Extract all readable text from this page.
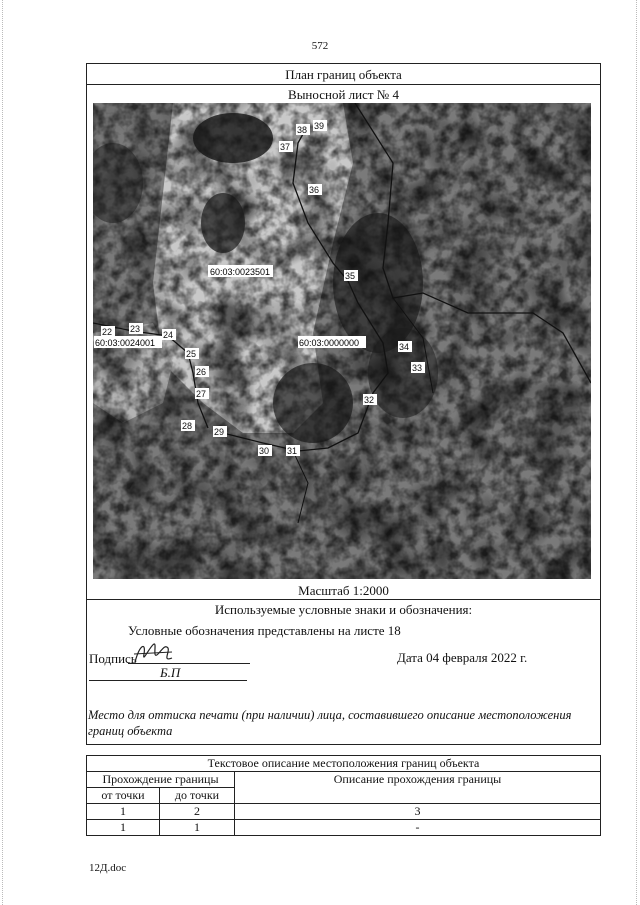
572
План границ объекта
Выносной лист № 4
60:03:0023501
60:03:0024001	60:03:0000000
22 23
24
25
26
27
28
29
30 31
32
33
34
35
36
37
38 39
Масштаб 1:2000
Используемые условные знаки и обозначения:
Условные обозначения представлены на листе 18
Подпись
Б.П
Дата 04 февраля 2022 г.
Место для оттиска печати (при наличии) лица, составившего описание местоположения границ объекта
Текстовое описание местоположения границ объекта		
Прохождение границы		Описание прохождения границы
от точки	до точки	
1	2	3
1	1	-
12Д.doc
